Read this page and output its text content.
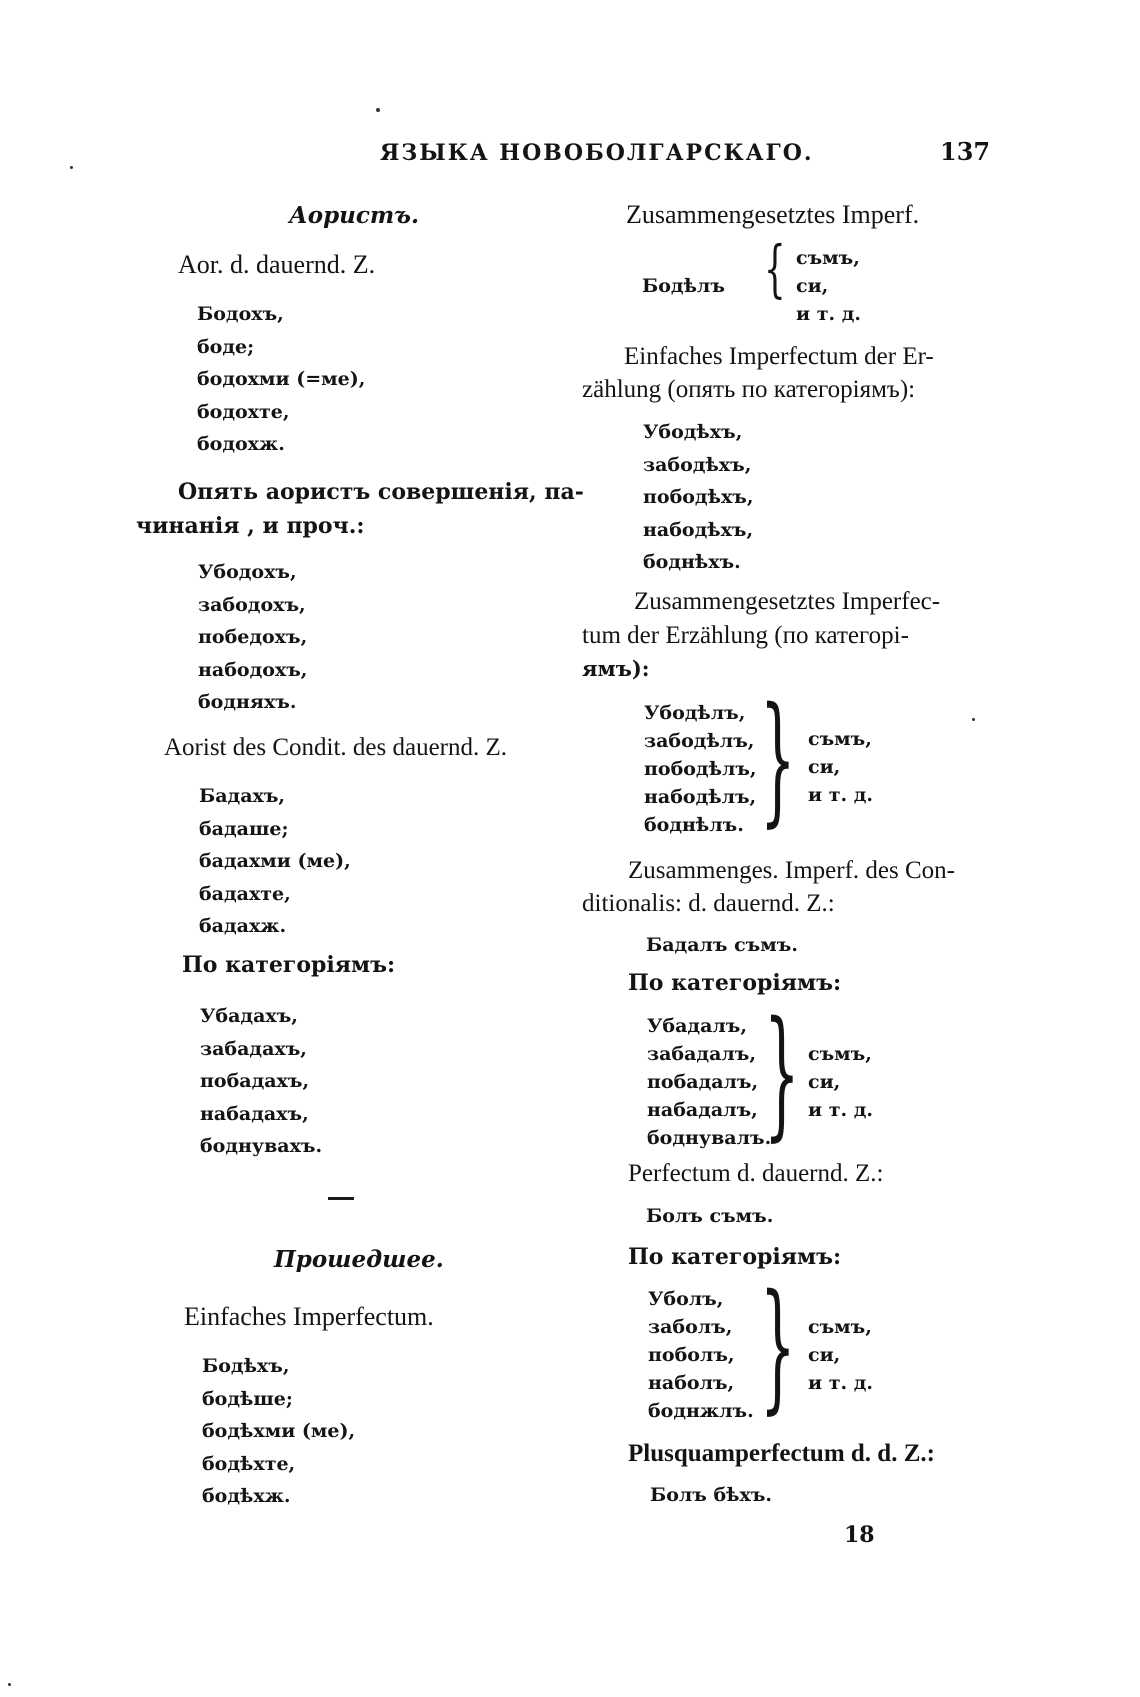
ЯЗЫКА НОВОБОЛГАРСКАГО.	137
Аористъ.
Aor. d. dauernd. Z.
Бодохъ,
боде;
бодохми (=ме),
бодохте,
бодохж.
Опять аористъ совершенія, па-
чинанія , и проч.:
Убодохъ,
забодохъ,
победохъ,
набодохъ,
бодняхъ.
Aorist des Condit. des dauernd. Z.
Бадахъ,
бадаше;
бадахми (ме),
бадахте,
бадахж.
По категоріямъ:
Убадахъ,
забадахъ,
побадахъ,
набадахъ,
боднувахъ.
Прошедшее.
Einfaches Imperfectum.
Бодѣхъ,
бодѣше;
бодѣхми (ме),
бодѣхте,
бодѣхж.
Zusammengesetztes Imperf.
Бодѣлъ { съмъ,
си,
и т. д.
Einfaches Imperfectum der Er-
zählung (опять по категоріямъ):
Убодѣхъ,
забодѣхъ,
пободѣхъ,
набодѣхъ,
боднѣхъ.
Zusammengesetztes Imperfec-
tum der Erzählung (по категорі-
ямъ):
Убодѣлъ,
забодѣлъ,
пободѣлъ,
набодѣлъ,
боднѣлъ. } съмъ,
си,
и т. д.
Zusammenges. Imperf. des Con-
ditionalis: d. dauernd. Z.:
Бадалъ съмъ.
По категоріямъ:
Убадалъ,
забадалъ,
побадалъ,
набадалъ,
боднувалъ.
} съмъ,
си,
и т. д.
Perfectum d. dauernd. Z.:
Болъ съмъ.
По категоріямъ:
Уболъ,
заболъ,
поболъ,
наболъ,
боднжлъ. } съмъ,
си,
и т. д.
Plusquamperfectum d. d. Z.:
Болъ бѣхъ.
18
